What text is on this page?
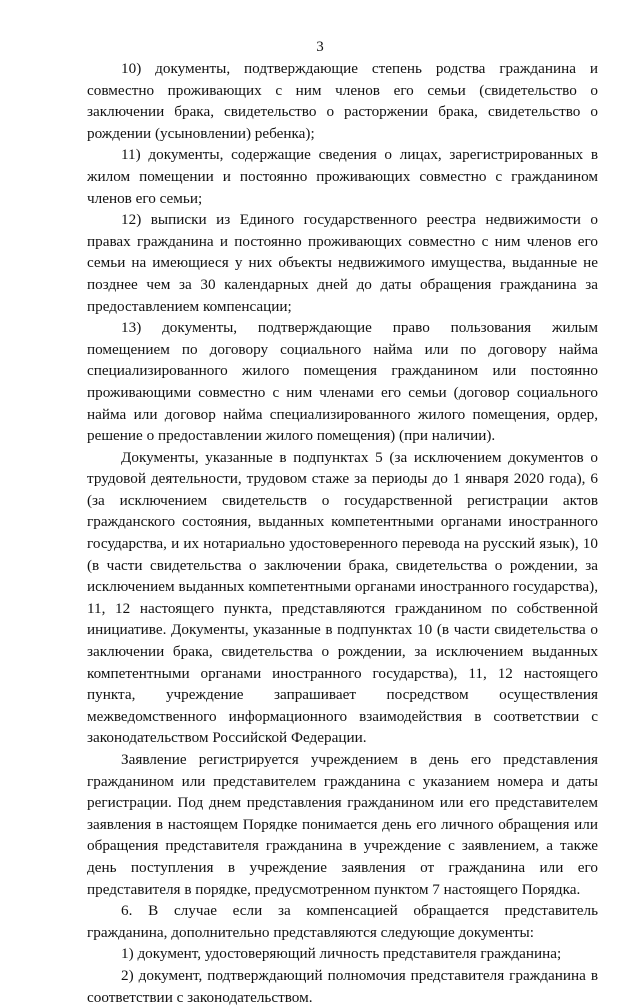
3

10) документы, подтверждающие степень родства гражданина и совместно проживающих с ним членов его семьи (свидетельство о заключении брака, свидетельство о расторжении брака, свидетельство о рождении (усыновлении) ребенка);

11) документы, содержащие сведения о лицах, зарегистрированных в жилом помещении и постоянно проживающих совместно с гражданином членов его семьи;

12) выписки из Единого государственного реестра недвижимости о правах гражданина и постоянно проживающих совместно с ним членов его семьи на имеющиеся у них объекты недвижимого имущества, выданные не позднее чем за 30 календарных дней до даты обращения гражданина за предоставлением компенсации;

13) документы, подтверждающие право пользования жилым помещением по договору социального найма или по договору найма специализированного жилого помещения гражданином или постоянно проживающими совместно с ним членами его семьи (договор социального найма или договор найма специализированного жилого помещения, ордер, решение о предоставлении жилого помещения) (при наличии).

Документы, указанные в подпунктах 5 (за исключением документов о трудовой деятельности, трудовом стаже за периоды до 1 января 2020 года), 6 (за исключением свидетельств о государственной регистрации актов гражданского состояния, выданных компетентными органами иностранного государства, и их нотариально удостоверенного перевода на русский язык), 10 (в части свидетельства о заключении брака, свидетельства о рождении, за исключением выданных компетентными органами иностранного государства), 11, 12 настоящего пункта, представляются гражданином по собственной инициативе. Документы, указанные в подпунктах 10 (в части свидетельства о заключении брака, свидетельства о рождении, за исключением выданных компетентными органами иностранного государства), 11, 12 настоящего пункта, учреждение запрашивает посредством осуществления межведомственного информационного взаимодействия в соответствии с законодательством Российской Федерации.

Заявление регистрируется учреждением в день его представления гражданином или представителем гражданина с указанием номера и даты регистрации. Под днем представления гражданином или его представителем заявления в настоящем Порядке понимается день его личного обращения или обращения представителя гражданина в учреждение с заявлением, а также день поступления в учреждение заявления от гражданина или его представителя в порядке, предусмотренном пунктом 7 настоящего Порядка.

6. В случае если за компенсацией обращается представитель гражданина, дополнительно представляются следующие документы:

1) документ, удостоверяющий личность представителя гражданина;

2) документ, подтверждающий полномочия представителя гражданина в соответствии с законодательством.
